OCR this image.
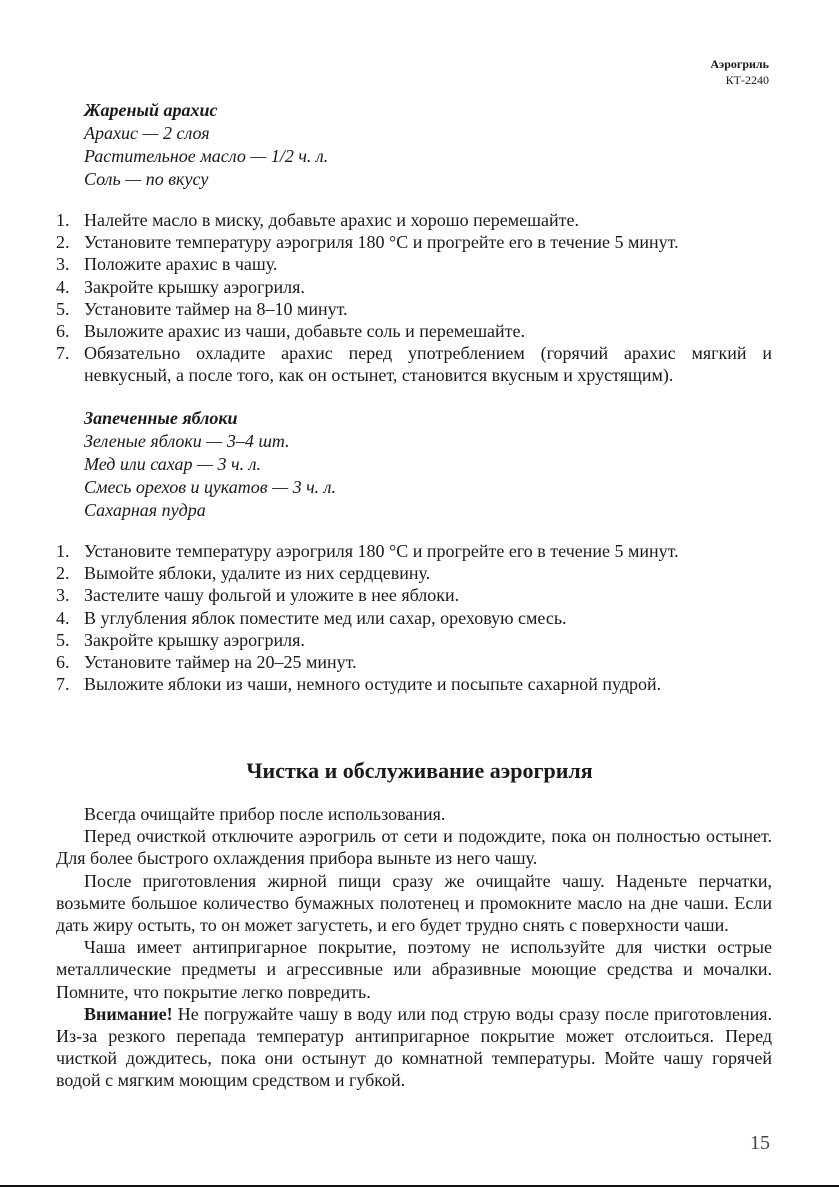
Аэрогриль
КТ-2240
Жареный арахис
Арахис — 2 слоя
Растительное масло — 1/2 ч. л.
Соль — по вкусу
1. Налейте масло в миску, добавьте арахис и хорошо перемешайте.
2. Установите температуру аэрогриля 180 °С и прогрейте его в течение 5 минут.
3. Положите арахис в чашу.
4. Закройте крышку аэрогриля.
5. Установите таймер на 8–10 минут.
6. Выложите арахис из чаши, добавьте соль и перемешайте.
7. Обязательно охладите арахис перед употреблением (горячий арахис мягкий и невкусный, а после того, как он остынет, становится вкусным и хрустящим).
Запеченные яблоки
Зеленые яблоки — 3–4 шт.
Мед или сахар — 3 ч. л.
Смесь орехов и цукатов — 3 ч. л.
Сахарная пудра
1. Установите температуру аэрогриля 180 °С и прогрейте его в течение 5 минут.
2. Вымойте яблоки, удалите из них сердцевину.
3. Застелите чашу фольгой и уложите в нее яблоки.
4. В углубления яблок поместите мед или сахар, ореховую смесь.
5. Закройте крышку аэрогриля.
6. Установите таймер на 20–25 минут.
7. Выложите яблоки из чаши, немного остудите и посыпьте сахарной пудрой.
Чистка и обслуживание аэрогриля

Всегда очищайте прибор после использования.

Перед очисткой отключите аэрогриль от сети и подождите, пока он полностью остынет. Для более быстрого охлаждения прибора выньте из него чашу.

После приготовления жирной пищи сразу же очищайте чашу. Наденьте перчатки, возьмите большое количество бумажных полотенец и промокните масло на дне чаши. Если дать жиру остыть, то он может загустеть, и его будет трудно снять с поверхности чаши.

Чаша имеет антипригарное покрытие, поэтому не используйте для чистки острые металлические предметы и агрессивные или абразивные моющие средства и мочалки. Помните, что покрытие легко повредить.

Внимание! Не погружайте чашу в воду или под струю воды сразу после приготовления. Из-за резкого перепада температур антипригарное покрытие может отслоиться. Перед чисткой дождитесь, пока они остынут до комнатной температуры. Мойте чашу горячей водой с мягким моющим средством и губкой.

15
